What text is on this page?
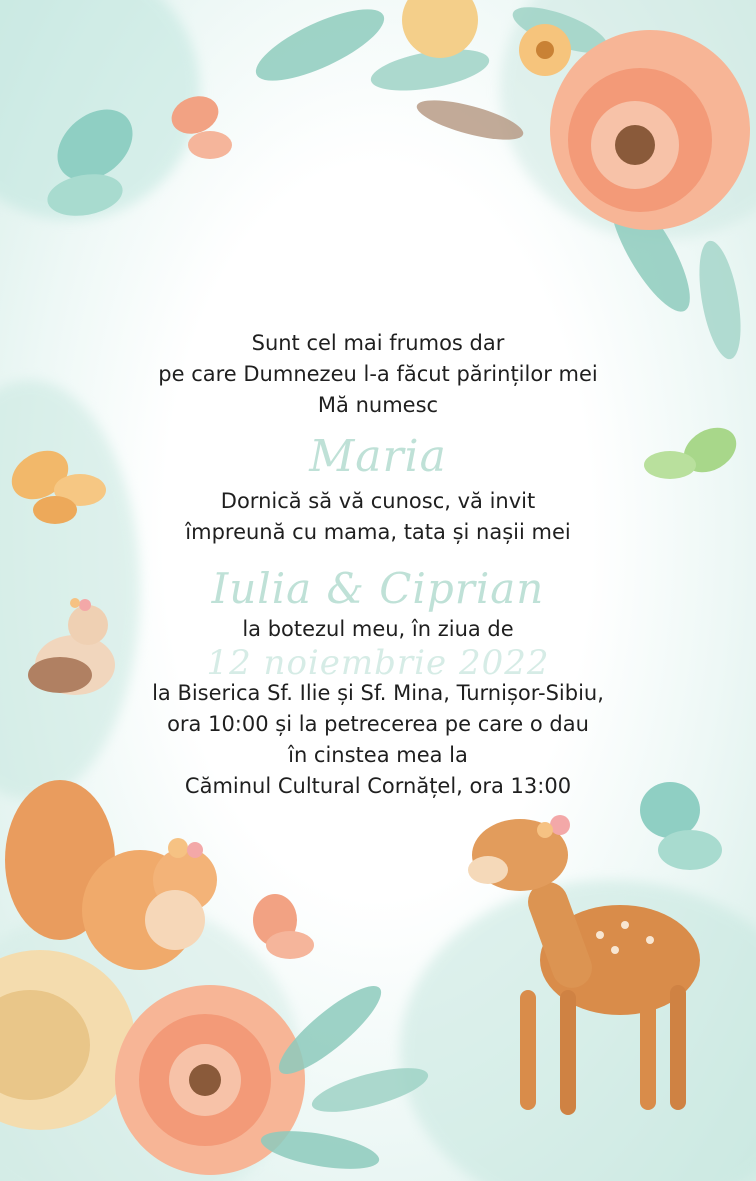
Sunt cel mai frumos dar
pe care Dumnezeu l-a făcut părinților mei
Mă numesc
Maria
Dornică să vă cunosc, vă invit
împreună cu mama, tata și nașii mei
Iulia & Ciprian
la botezul meu, în ziua de
12 noiembrie 2022
la Biserica Sf. Ilie și Sf. Mina, Turnișor-Sibiu,
ora 10:00 și la petrecerea pe care o dau
în cinstea mea la
Căminul Cultural Cornățel, ora 13:00
